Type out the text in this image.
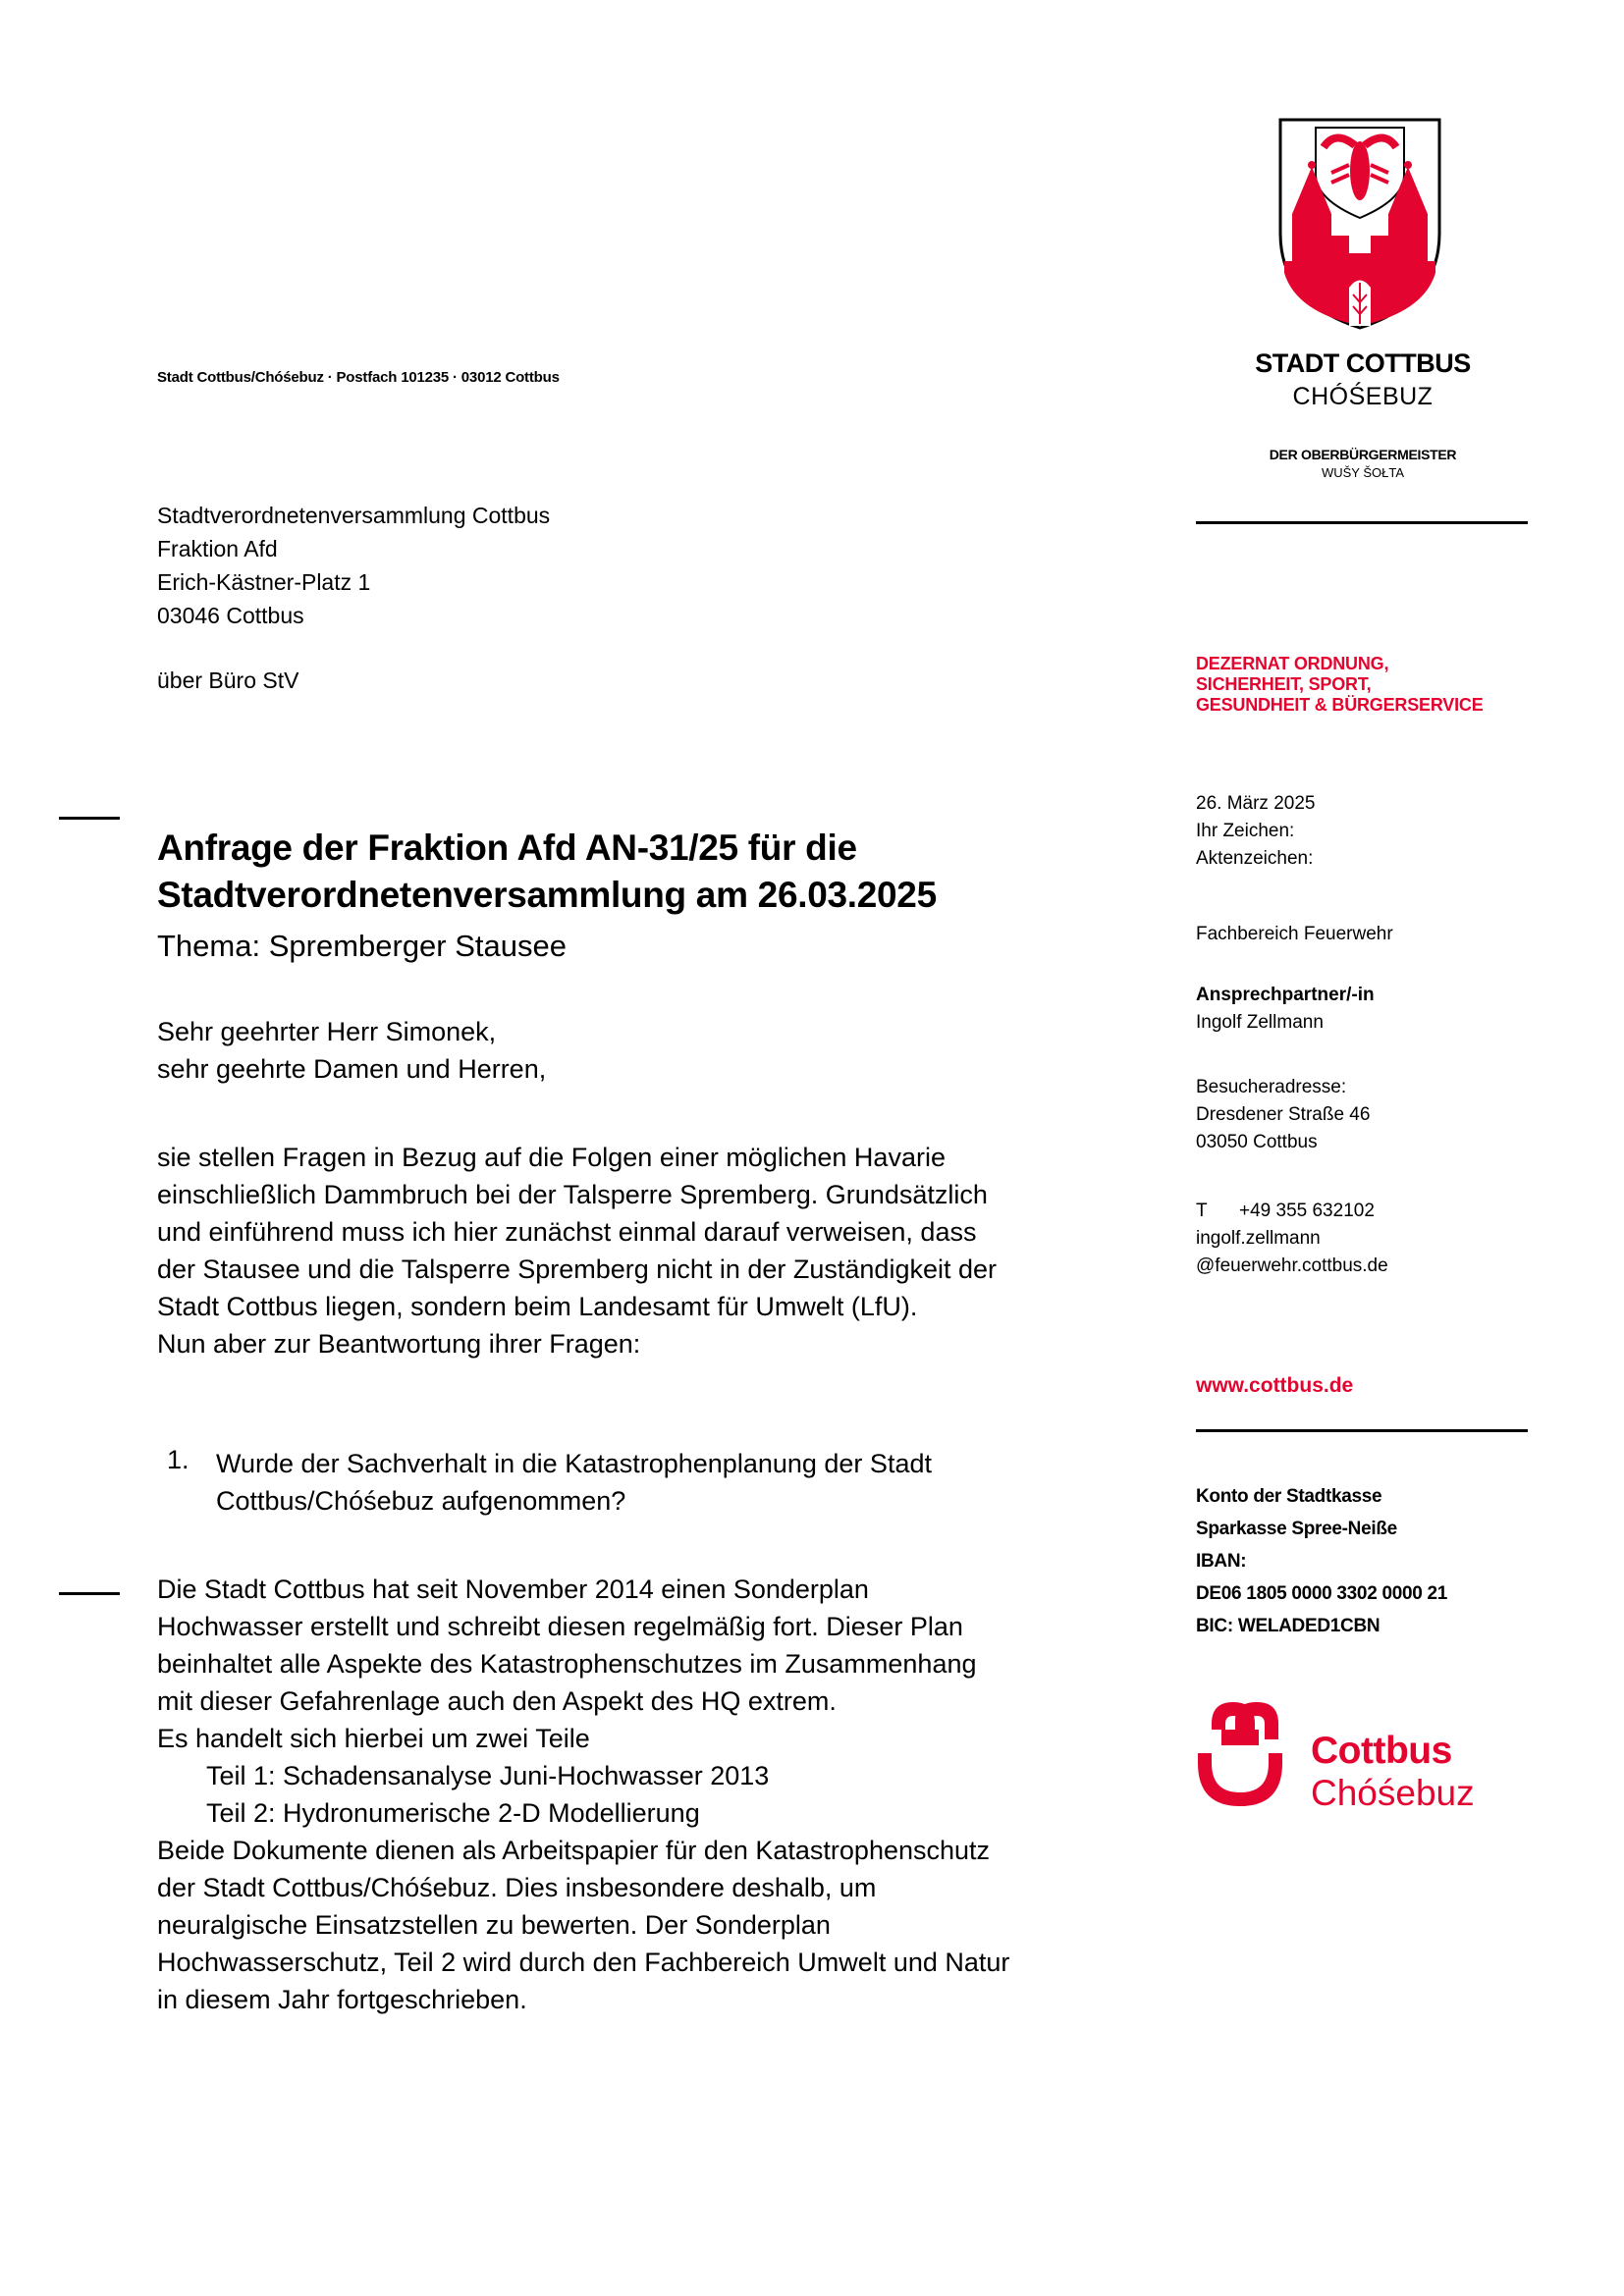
Stadt Cottbus/Chóśebuz · Postfach 101235 · 03012 Cottbus
Stadtverordnetenversammlung Cottbus
Fraktion Afd
Erich-Kästner-Platz 1
03046 Cottbus
über Büro StV
Anfrage der Fraktion Afd AN-31/25 für die
Stadtverordnetenversammlung am 26.03.2025
Thema: Spremberger Stausee
Sehr geehrter Herr Simonek,
sehr geehrte Damen und Herren,
sie stellen Fragen in Bezug auf die Folgen einer möglichen Havarie
einschließlich Dammbruch bei der Talsperre Spremberg. Grundsätzlich
und einführend muss ich hier zunächst einmal darauf verweisen, dass
der Stausee und die Talsperre Spremberg nicht in der Zuständigkeit der
Stadt Cottbus liegen, sondern beim Landesamt für Umwelt (LfU).
Nun aber zur Beantwortung ihrer Fragen:
1. Wurde der Sachverhalt in die Katastrophenplanung der Stadt
Cottbus/Chóśebuz aufgenommen?
Die Stadt Cottbus hat seit November 2014 einen Sonderplan
Hochwasser erstellt und schreibt diesen regelmäßig fort. Dieser Plan
beinhaltet alle Aspekte des Katastrophenschutzes im Zusammenhang
mit dieser Gefahrenlage auch den Aspekt des HQ extrem.
Es handelt sich hierbei um zwei Teile
Teil 1: Schadensanalyse Juni-Hochwasser 2013
Teil 2: Hydronumerische 2-D Modellierung
Beide Dokumente dienen als Arbeitspapier für den Katastrophenschutz
der Stadt Cottbus/Chóśebuz. Dies insbesondere deshalb, um
neuralgische Einsatzstellen zu bewerten. Der Sonderplan
Hochwasserschutz, Teil 2 wird durch den Fachbereich Umwelt und Natur
in diesem Jahr fortgeschrieben.
STADT COTTBUS
CHÓŚEBUZ
DER OBERBÜRGERMEISTER
WUŠY ŠOŁTA
DEZERNAT ORDNUNG,
SICHERHEIT, SPORT,
GESUNDHEIT & BÜRGERSERVICE
26. März 2025
Ihr Zeichen:
Aktenzeichen:
Fachbereich Feuerwehr
Ansprechpartner/-in
Ingolf Zellmann
Besucheradresse:
Dresdener Straße 46
03050 Cottbus
T +49 355 632102
ingolf.zellmann
@feuerwehr.cottbus.de
www.cottbus.de
Konto der Stadtkasse
Sparkasse Spree-Neiße
IBAN:
DE06 1805 0000 3302 0000 21
BIC: WELADED1CBN
Cottbus
Chóśebuz
